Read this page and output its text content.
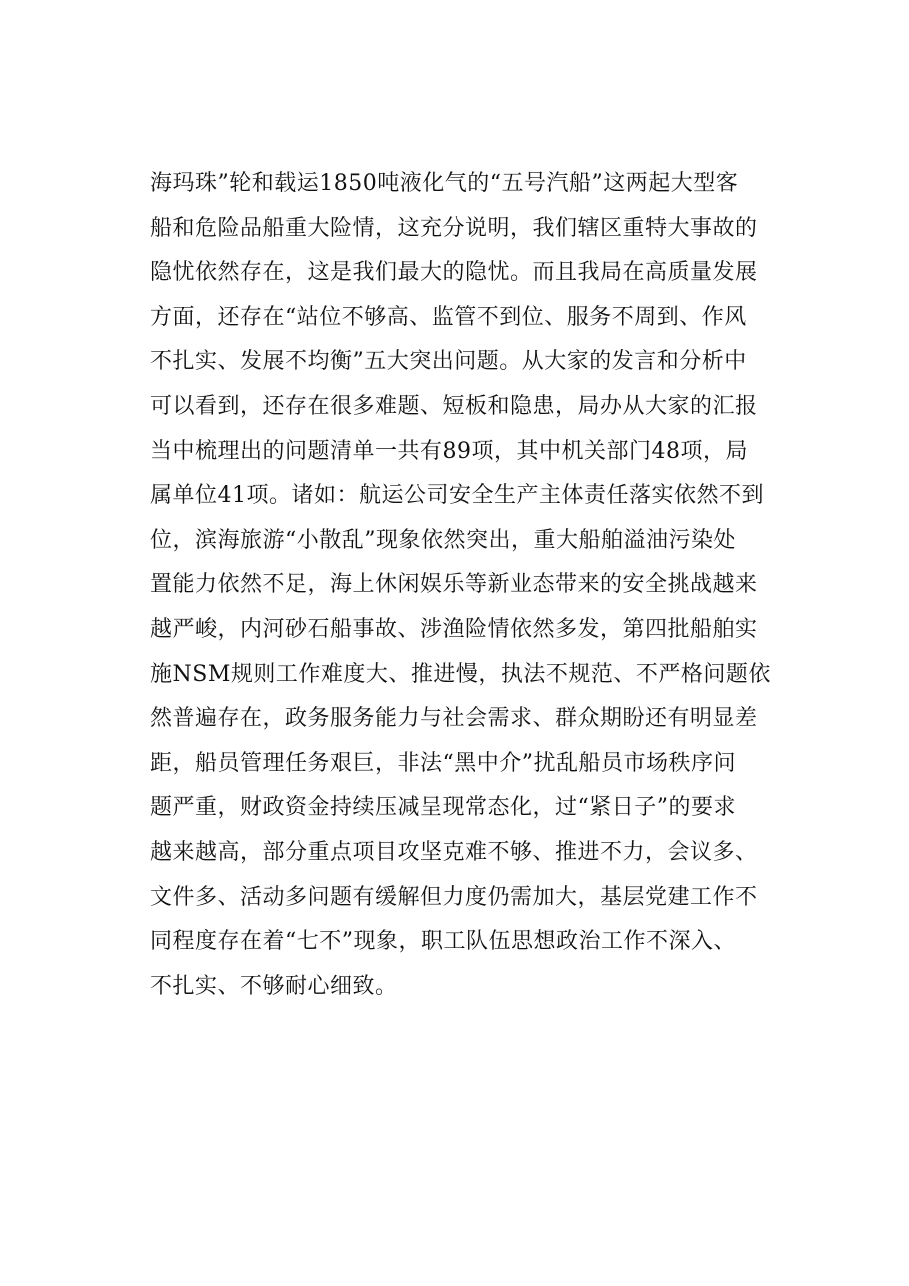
海玛珠”轮和载运1850吨液化气的“五号汽船”这两起大型客
船和危险品船重大险情，这充分说明，我们辖区重特大事故的
隐忧依然存在，这是我们最大的隐忧。而且我局在高质量发展
方面，还存在“站位不够高、监管不到位、服务不周到、作风
不扎实、发展不均衡”五大突出问题。从大家的发言和分析中
可以看到，还存在很多难题、短板和隐患，局办从大家的汇报
当中梳理出的问题清单一共有89项，其中机关部门48项，局
属单位41项。诸如：航运公司安全生产主体责任落实依然不到
位，滨海旅游“小散乱”现象依然突出，重大船舶溢油污染处
置能力依然不足，海上休闲娱乐等新业态带来的安全挑战越来
越严峻，内河砂石船事故、涉渔险情依然多发，第四批船舶实
施NSM规则工作难度大、推进慢，执法不规范、不严格问题依
然普遍存在，政务服务能力与社会需求、群众期盼还有明显差
距，船员管理任务艰巨，非法“黑中介”扰乱船员市场秩序问
题严重，财政资金持续压减呈现常态化，过“紧日子”的要求
越来越高，部分重点项目攻坚克难不够、推进不力，会议多、
文件多、活动多问题有缓解但力度仍需加大，基层党建工作不
同程度存在着“七不”现象，职工队伍思想政治工作不深入、
不扎实、不够耐心细致。
